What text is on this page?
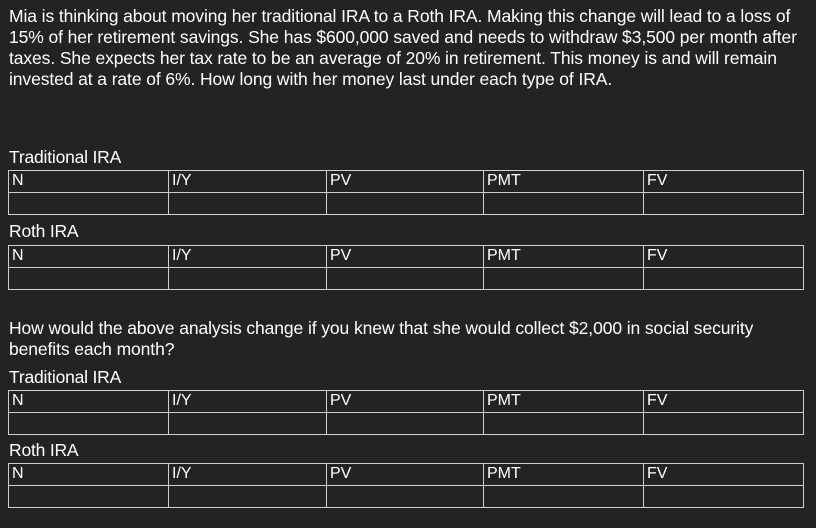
Mia is thinking about moving her traditional IRA to a Roth IRA. Making this change will lead to a loss of 15% of her retirement savings. She has $600,000 saved and needs to withdraw $3,500 per month after taxes. She expects her tax rate to be an average of 20% in retirement. This money is and will remain invested at a rate of 6%. How long with her money last under each type of IRA.

Traditional IRA
N	I/Y	PV	PMT	FV

Roth IRA
N	I/Y	PV	PMT	FV

How would the above analysis change if you knew that she would collect $2,000 in social security benefits each month?

Traditional IRA
N	I/Y	PV	PMT	FV

Roth IRA
N	I/Y	PV	PMT	FV
